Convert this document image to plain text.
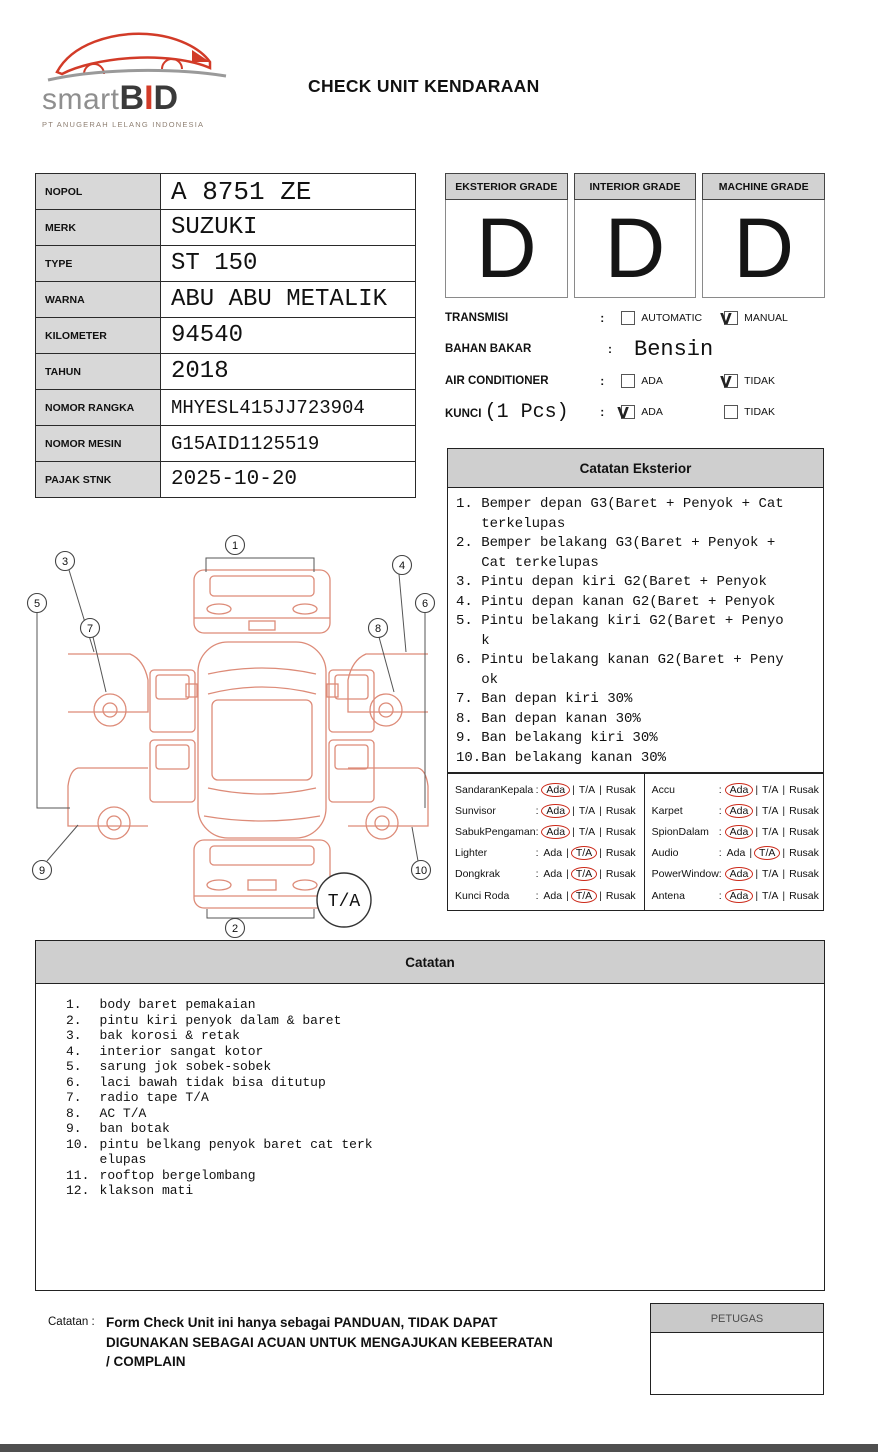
smartBID
PT ANUGERAH LELANG INDONESIA
CHECK UNIT KENDARAAN
NOPOL	A 8751 ZE
MERK	SUZUKI
TYPE	ST 150
WARNA	ABU ABU METALIK
KILOMETER	94540
TAHUN	2018
NOMOR RANGKA	MHYESL415JJ723904
NOMOR MESIN	G15AID1125519
PAJAK STNK	2025-10-20
EKSTERIOR GRADE
D
INTERIOR GRADE
D
MACHINE GRADE
D
TRANSMISI :	AUTOMATIC V MANUAL
BAHAN BAKAR :	Bensin
AIR CONDITIONER :	ADA	V TIDAK
KUNCI (1 Pcs) :	V ADA	TIDAK
Catatan Eksterior
1. Bemper depan G3(Baret + Penyok + Cat terkelupas
2. Bemper belakang G3(Baret + Penyok + Cat terkelupas
3. Pintu depan kiri G2(Baret + Penyok
4. Pintu depan kanan G2(Baret + Penyok
5. Pintu belakang kiri G2(Baret + Penyok
6. Pintu belakang kanan G2(Baret + Penyok
7. Ban depan kiri 30%
8. Ban depan kanan 30%
9. Ban belakang kiri 30%
10. Ban belakang kanan 30%
SandaranKepala	: Ada | T/A | Rusak
Sunvisor	: Ada | T/A | Rusak
SabukPengaman	: Ada | T/A | Rusak
Lighter	: Ada | T/A | Rusak
Dongkrak	: Ada | T/A | Rusak
Kunci Roda	: Ada | T/A | Rusak
Accu	: Ada | T/A | Rusak
Karpet	: Ada | T/A | Rusak
SpionDalam	: Ada | T/A | Rusak
Audio	: Ada | T/A | Rusak
PowerWindow	: Ada | T/A | Rusak
Antena	: Ada | T/A | Rusak
1
2
3	4
5	6
7	8
9	10
T/A
Catatan
1.	body baret pemakaian
2.	pintu kiri penyok dalam & baret
3.	bak korosi & retak
4.	interior sangat kotor
5.	sarung jok sobek-sobek
6.	laci bawah tidak bisa ditutup
7.	radio tape T/A
8.	AC T/A
9.	ban botak
10. pintu belkang penyok baret cat terkelupas
11. rooftop bergelombang
12. klakson mati
Catatan : Form Check Unit ini hanya sebagai PANDUAN, TIDAK DAPAT DIGUNAKAN SEBAGAI ACUAN UNTUK MENGAJUKAN KEBEERATAN / COMPLAIN
PETUGAS
